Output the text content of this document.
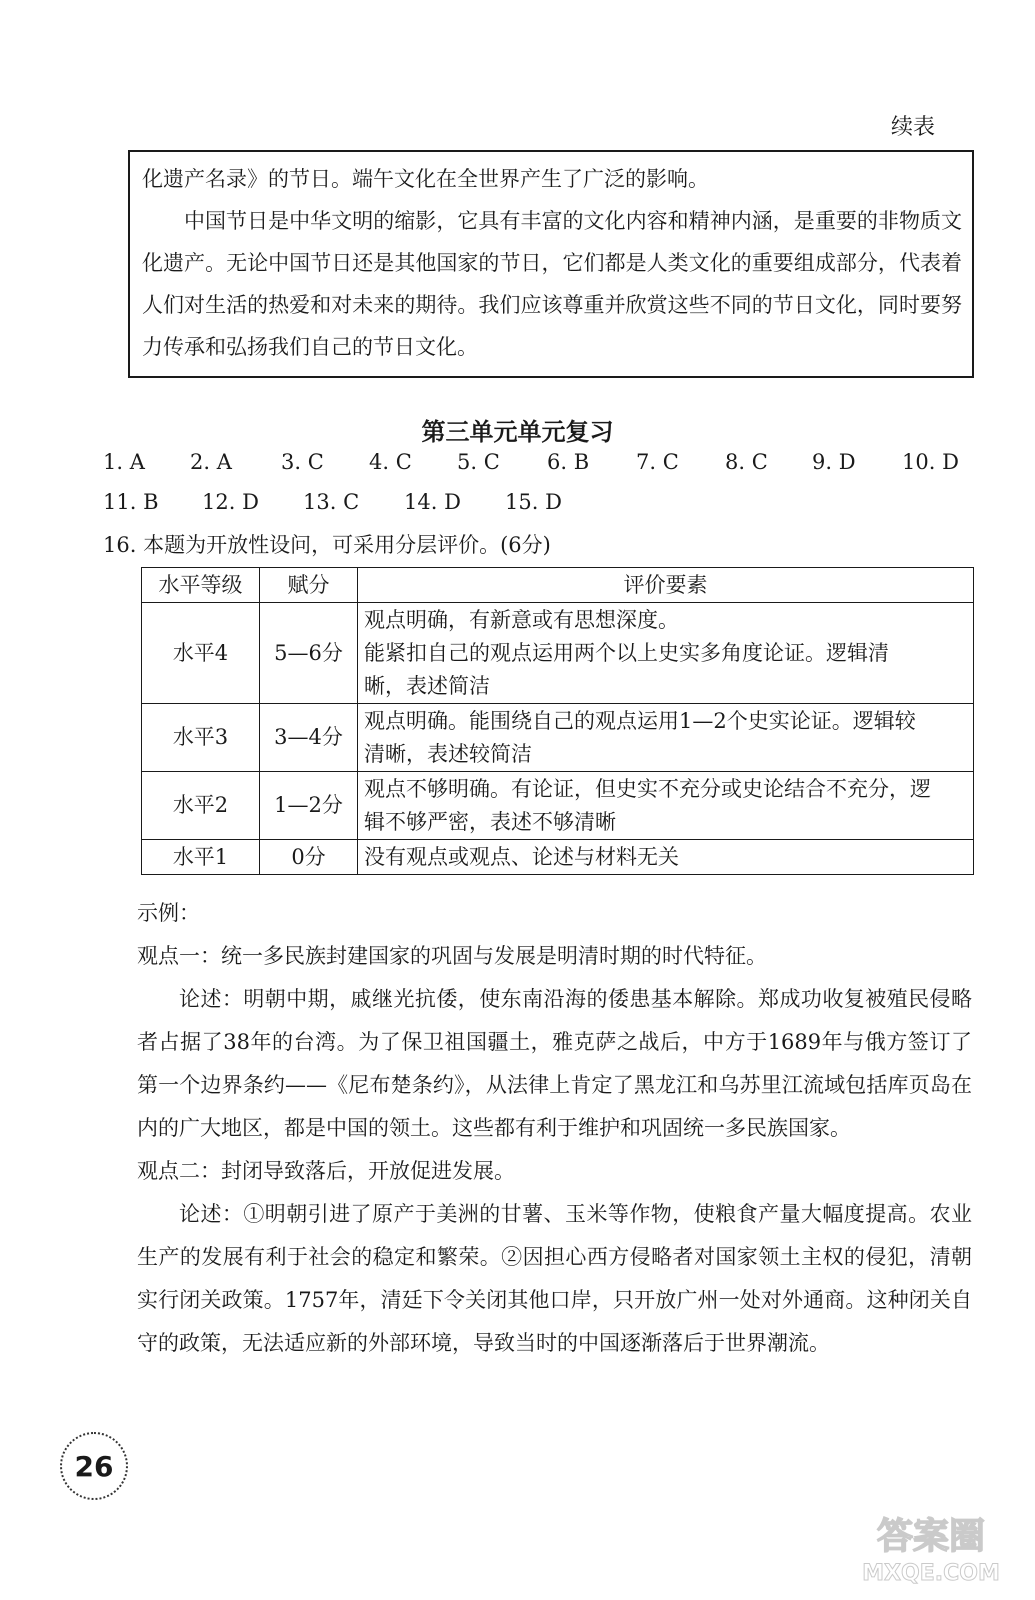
续表

化遗产名录》的节日。端午文化在全世界产生了广泛的影响。

中国节日是中华文明的缩影，它具有丰富的文化内容和精神内涵，是重要的非物质文化遗产。无论中国节日还是其他国家的节日，它们都是人类文化的重要组成部分，代表着人们对生活的热爱和对未来的期待。我们应该尊重并欣赏这些不同的节日文化，同时要努力传承和弘扬我们自己的节日文化。

第三单元单元复习
1. A 2. A 3. C 4. C 5. C 6. B 7. C 8. C 9. D 10. D
11. B 12. D 13. C 14. D 15. D
16. 本题为开放性设问，可采用分层评价。(6分)
水平等级	赋分	评价要素
水平4	5—6分	观点明确，有新意或有思想深度。
能紧扣自己的观点运用两个以上史实多角度论证。逻辑清
晰，表述简洁

水平3	3—4分	观点明确。能围绕自己的观点运用1—2个史实论证。逻辑较
清晰，表述较简洁

水平2	1—2分	观点不够明确。有论证，但史实不充分或史论结合不充分，逻
辑不够严密，表述不够清晰

水平1	0分	没有观点或观点、论述与材料无关

示例：

观点一：统一多民族封建国家的巩固与发展是明清时期的时代特征。

论述：明朝中期，戚继光抗倭，使东南沿海的倭患基本解除。郑成功收复被殖民侵略者占据了38年的台湾。为了保卫祖国疆土，雅克萨之战后，中方于1689年与俄方签订了第一个边界条约——《尼布楚条约》，从法律上肯定了黑龙江和乌苏里江流域包括库页岛在内的广大地区，都是中国的领土。这些都有利于维护和巩固统一多民族国家。

观点二：封闭导致落后，开放促进发展。

论述：①明朝引进了原产于美洲的甘薯、玉米等作物，使粮食产量大幅度提高。农业生产的发展有利于社会的稳定和繁荣。②因担心西方侵略者对国家领土主权的侵犯，清朝实行闭关政策。1757年，清廷下令关闭其他口岸，只开放广州一处对外通商。这种闭关自守的政策，无法适应新的外部环境，导致当时的中国逐渐落后于世界潮流。

26
答案圈
MXQE.COM
